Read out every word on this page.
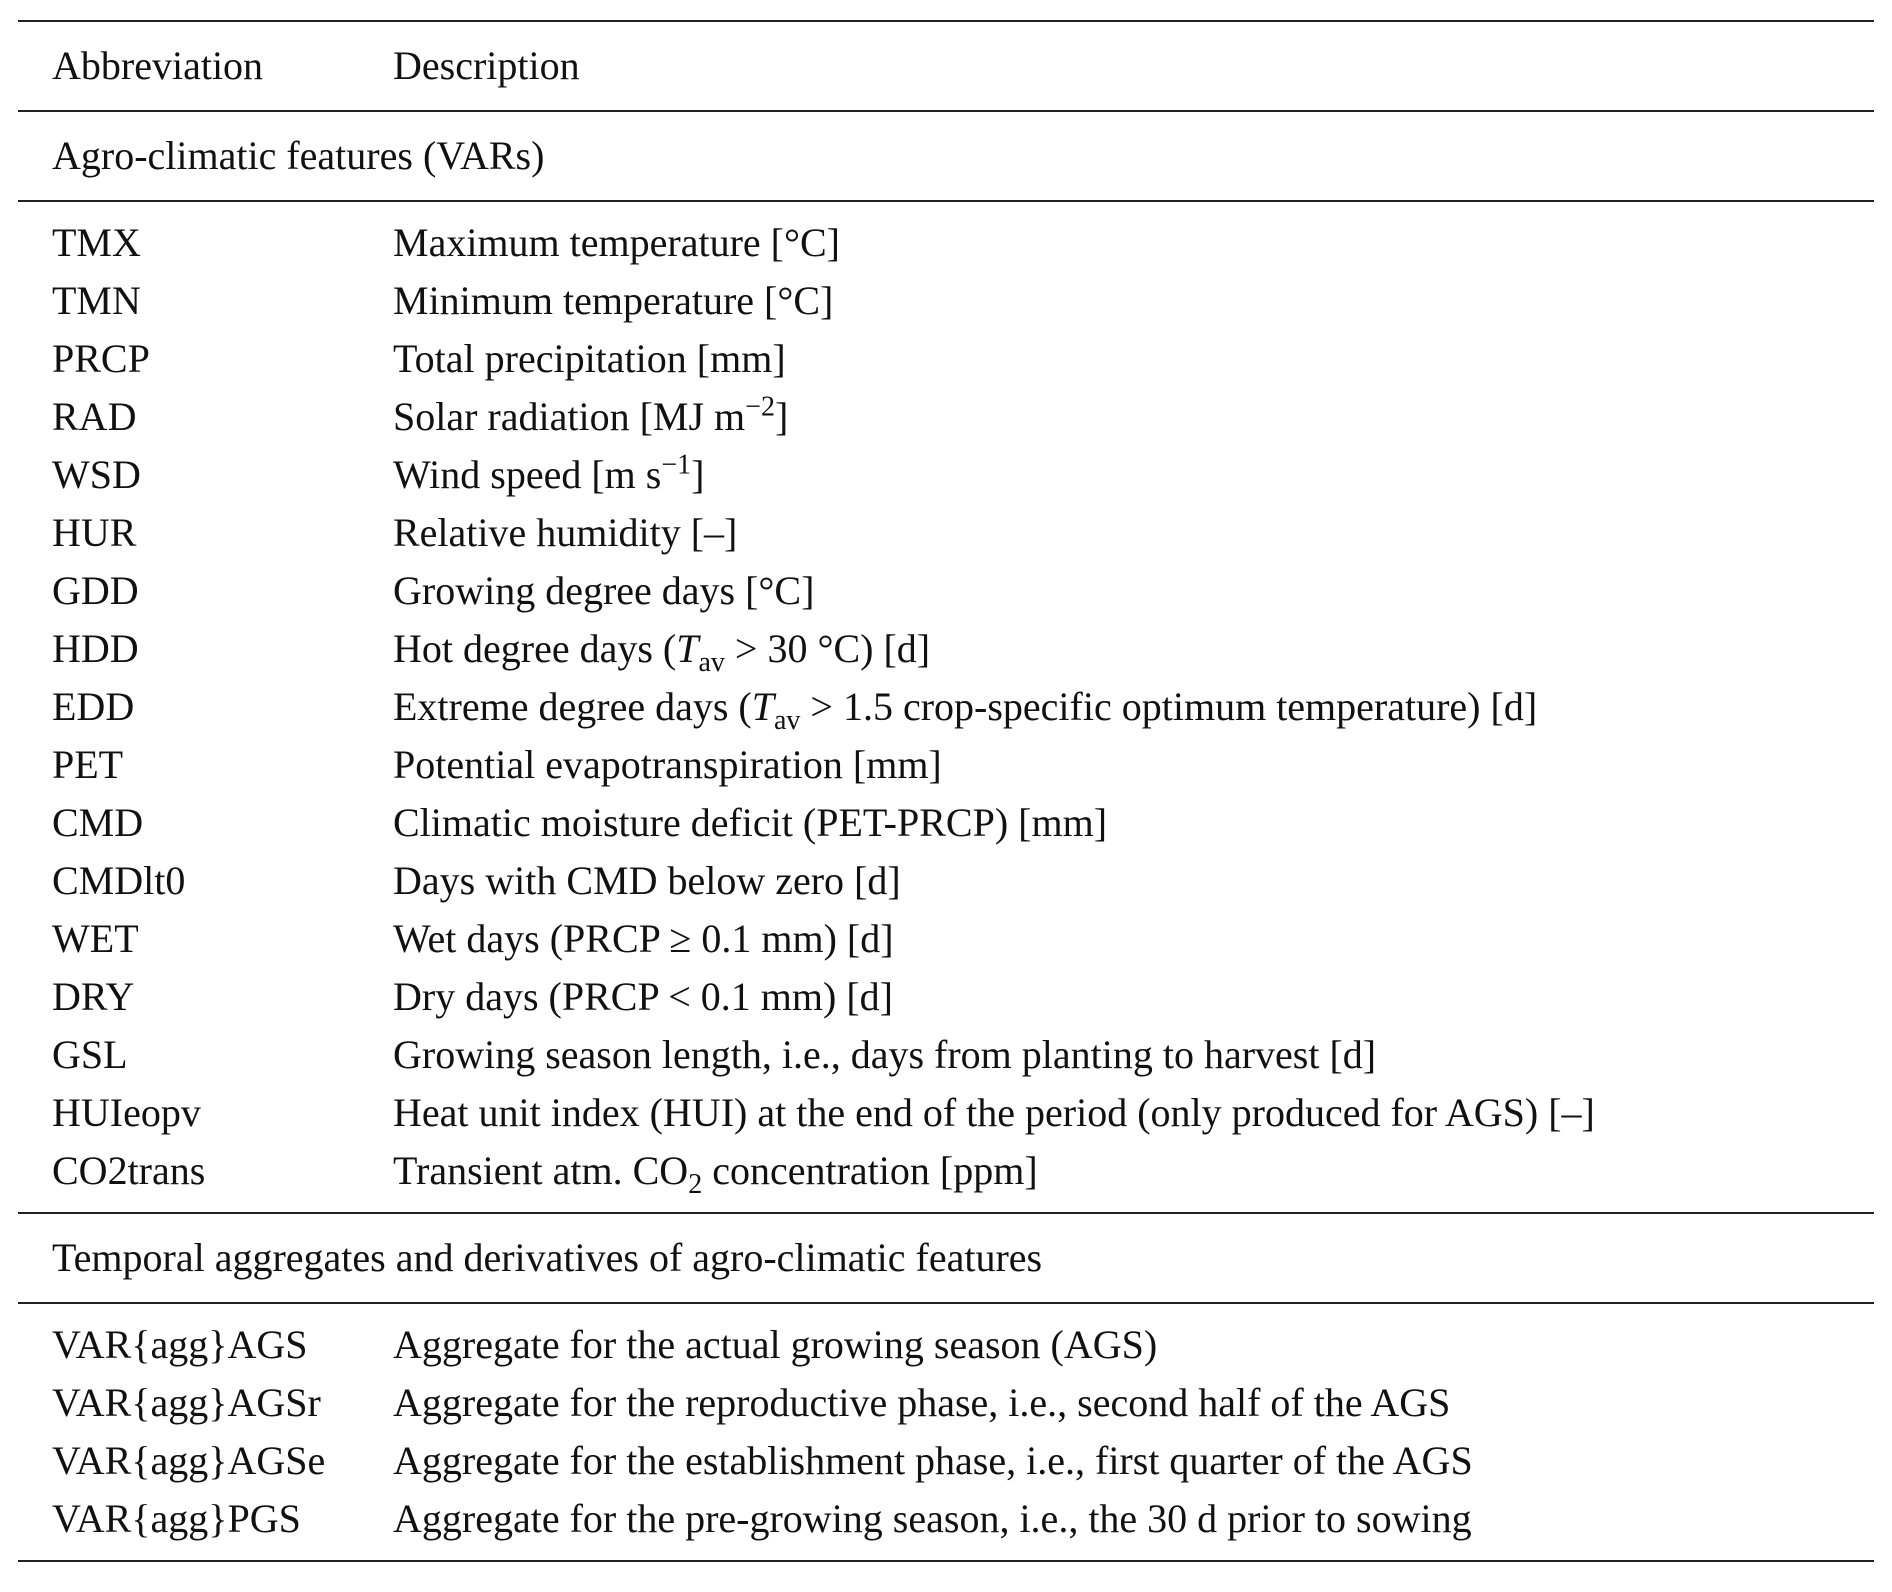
Abbreviation	Description
Agro-climatic features (VARs)
TMX	Maximum temperature [°C]
TMN	Minimum temperature [°C]
PRCP	Total precipitation [mm]
RAD	Solar radiation [MJ $m^{-2}$]
WSD	Wind speed [m $s^{-1}$]
HUR	Relative humidity [–]
GDD	Growing degree days [°C]
HDD	Hot degree days ($T_{av} > 30$ °C) [d]
EDD	Extreme degree days ($T_{av} > 1.5$ crop-specific optimum temperature) [d]
PET	Potential evapotranspiration [mm]
CMD	Climatic moisture deficit (PET-PRCP) [mm]
CMDlt0	Days with CMD below zero [d]
WET	Wet days (PRCP ≥ 0.1 mm) [d]
DRY	Dry days (PRCP < 0.1 mm) [d]
GSL	Growing season length, i.e., days from planting to harvest [d]
HUIeopv	Heat unit index (HUI) at the end of the period (only produced for AGS) [–]
CO2trans	Transient atm. $CO_2$ concentration [ppm]
Temporal aggregates and derivatives of agro-climatic features
VAR{agg}AGS	Aggregate for the actual growing season (AGS)
VAR{agg}AGSr	Aggregate for the reproductive phase, i.e., second half of the AGS
VAR{agg}AGSe	Aggregate for the establishment phase, i.e., first quarter of the AGS
VAR{agg}PGS	Aggregate for the pre-growing season, i.e., the 30 d prior to sowing
